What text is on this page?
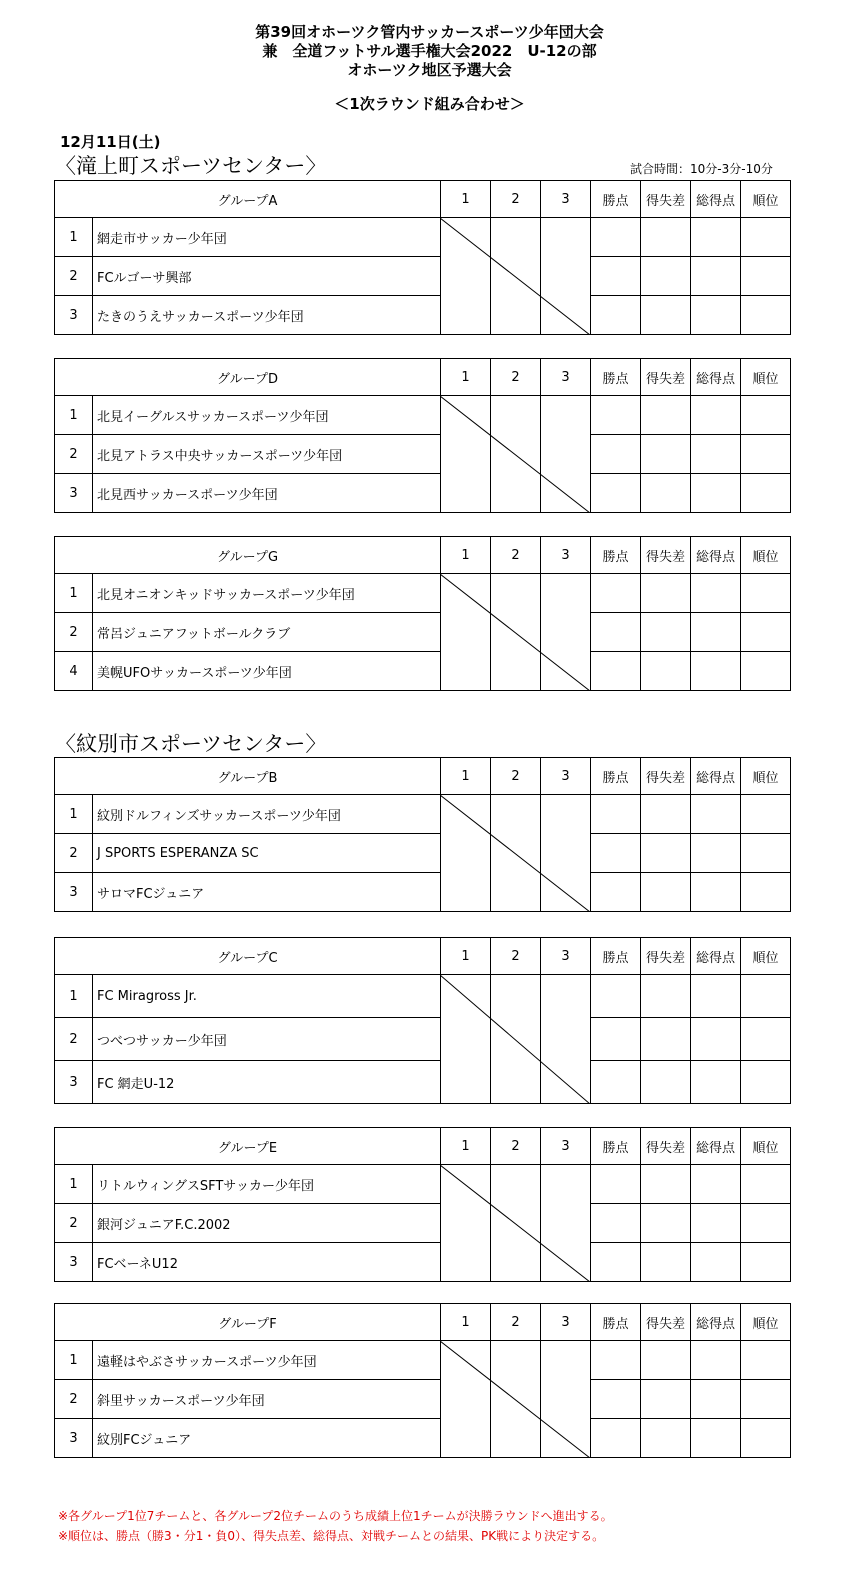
第39回オホーツク管内サッカースポーツ少年団大会
兼　全道フットサル選手権大会2022　U-12の部
オホーツク地区予選大会
＜1次ラウンド組み合わせ＞
12月11日(土)
試合時間：10分-3分-10分
〈滝上町スポーツセンター〉
グループA		1	2	3	勝点	得失差	総得点	順位
1	網走市サッカー少年団							
2	FCルゴーサ興部							
3	たきのうえサッカースポーツ少年団							
グループD		1	2	3	勝点	得失差	総得点	順位
1	北見イーグルスサッカースポーツ少年団							
2	北見アトラス中央サッカースポーツ少年団							
3	北見西サッカースポーツ少年団							
グループG		1	2	3	勝点	得失差	総得点	順位
1	北見オニオンキッドサッカースポーツ少年団							
2	常呂ジュニアフットボールクラブ							
4	美幌UFOサッカースポーツ少年団							
〈紋別市スポーツセンター〉
グループB		1	2	3	勝点	得失差	総得点	順位
1	紋別ドルフィンズサッカースポーツ少年団							
2	J SPORTS ESPERANZA SC							
3	サロマFCジュニア							
グループC		1	2	3	勝点	得失差	総得点	順位
1	FC Miragross Jr.							
2	つべつサッカー少年団							
3	FC 網走U-12							
グループE		1	2	3	勝点	得失差	総得点	順位
1	リトルウィングスSFTサッカー少年団							
2	銀河ジュニアF.C.2002							
3	FCベーネU12							
グループF		1	2	3	勝点	得失差	総得点	順位
1	遠軽はやぶさサッカースポーツ少年団							
2	斜里サッカースポーツ少年団							
3	紋別FCジュニア							
※各グループ1位7チームと、各グループ2位チームのうち成績上位1チームが決勝ラウンドへ進出する。
※順位は、勝点（勝3・分1・負0）、得失点差、総得点、対戦チームとの結果、PK戦により決定する。
